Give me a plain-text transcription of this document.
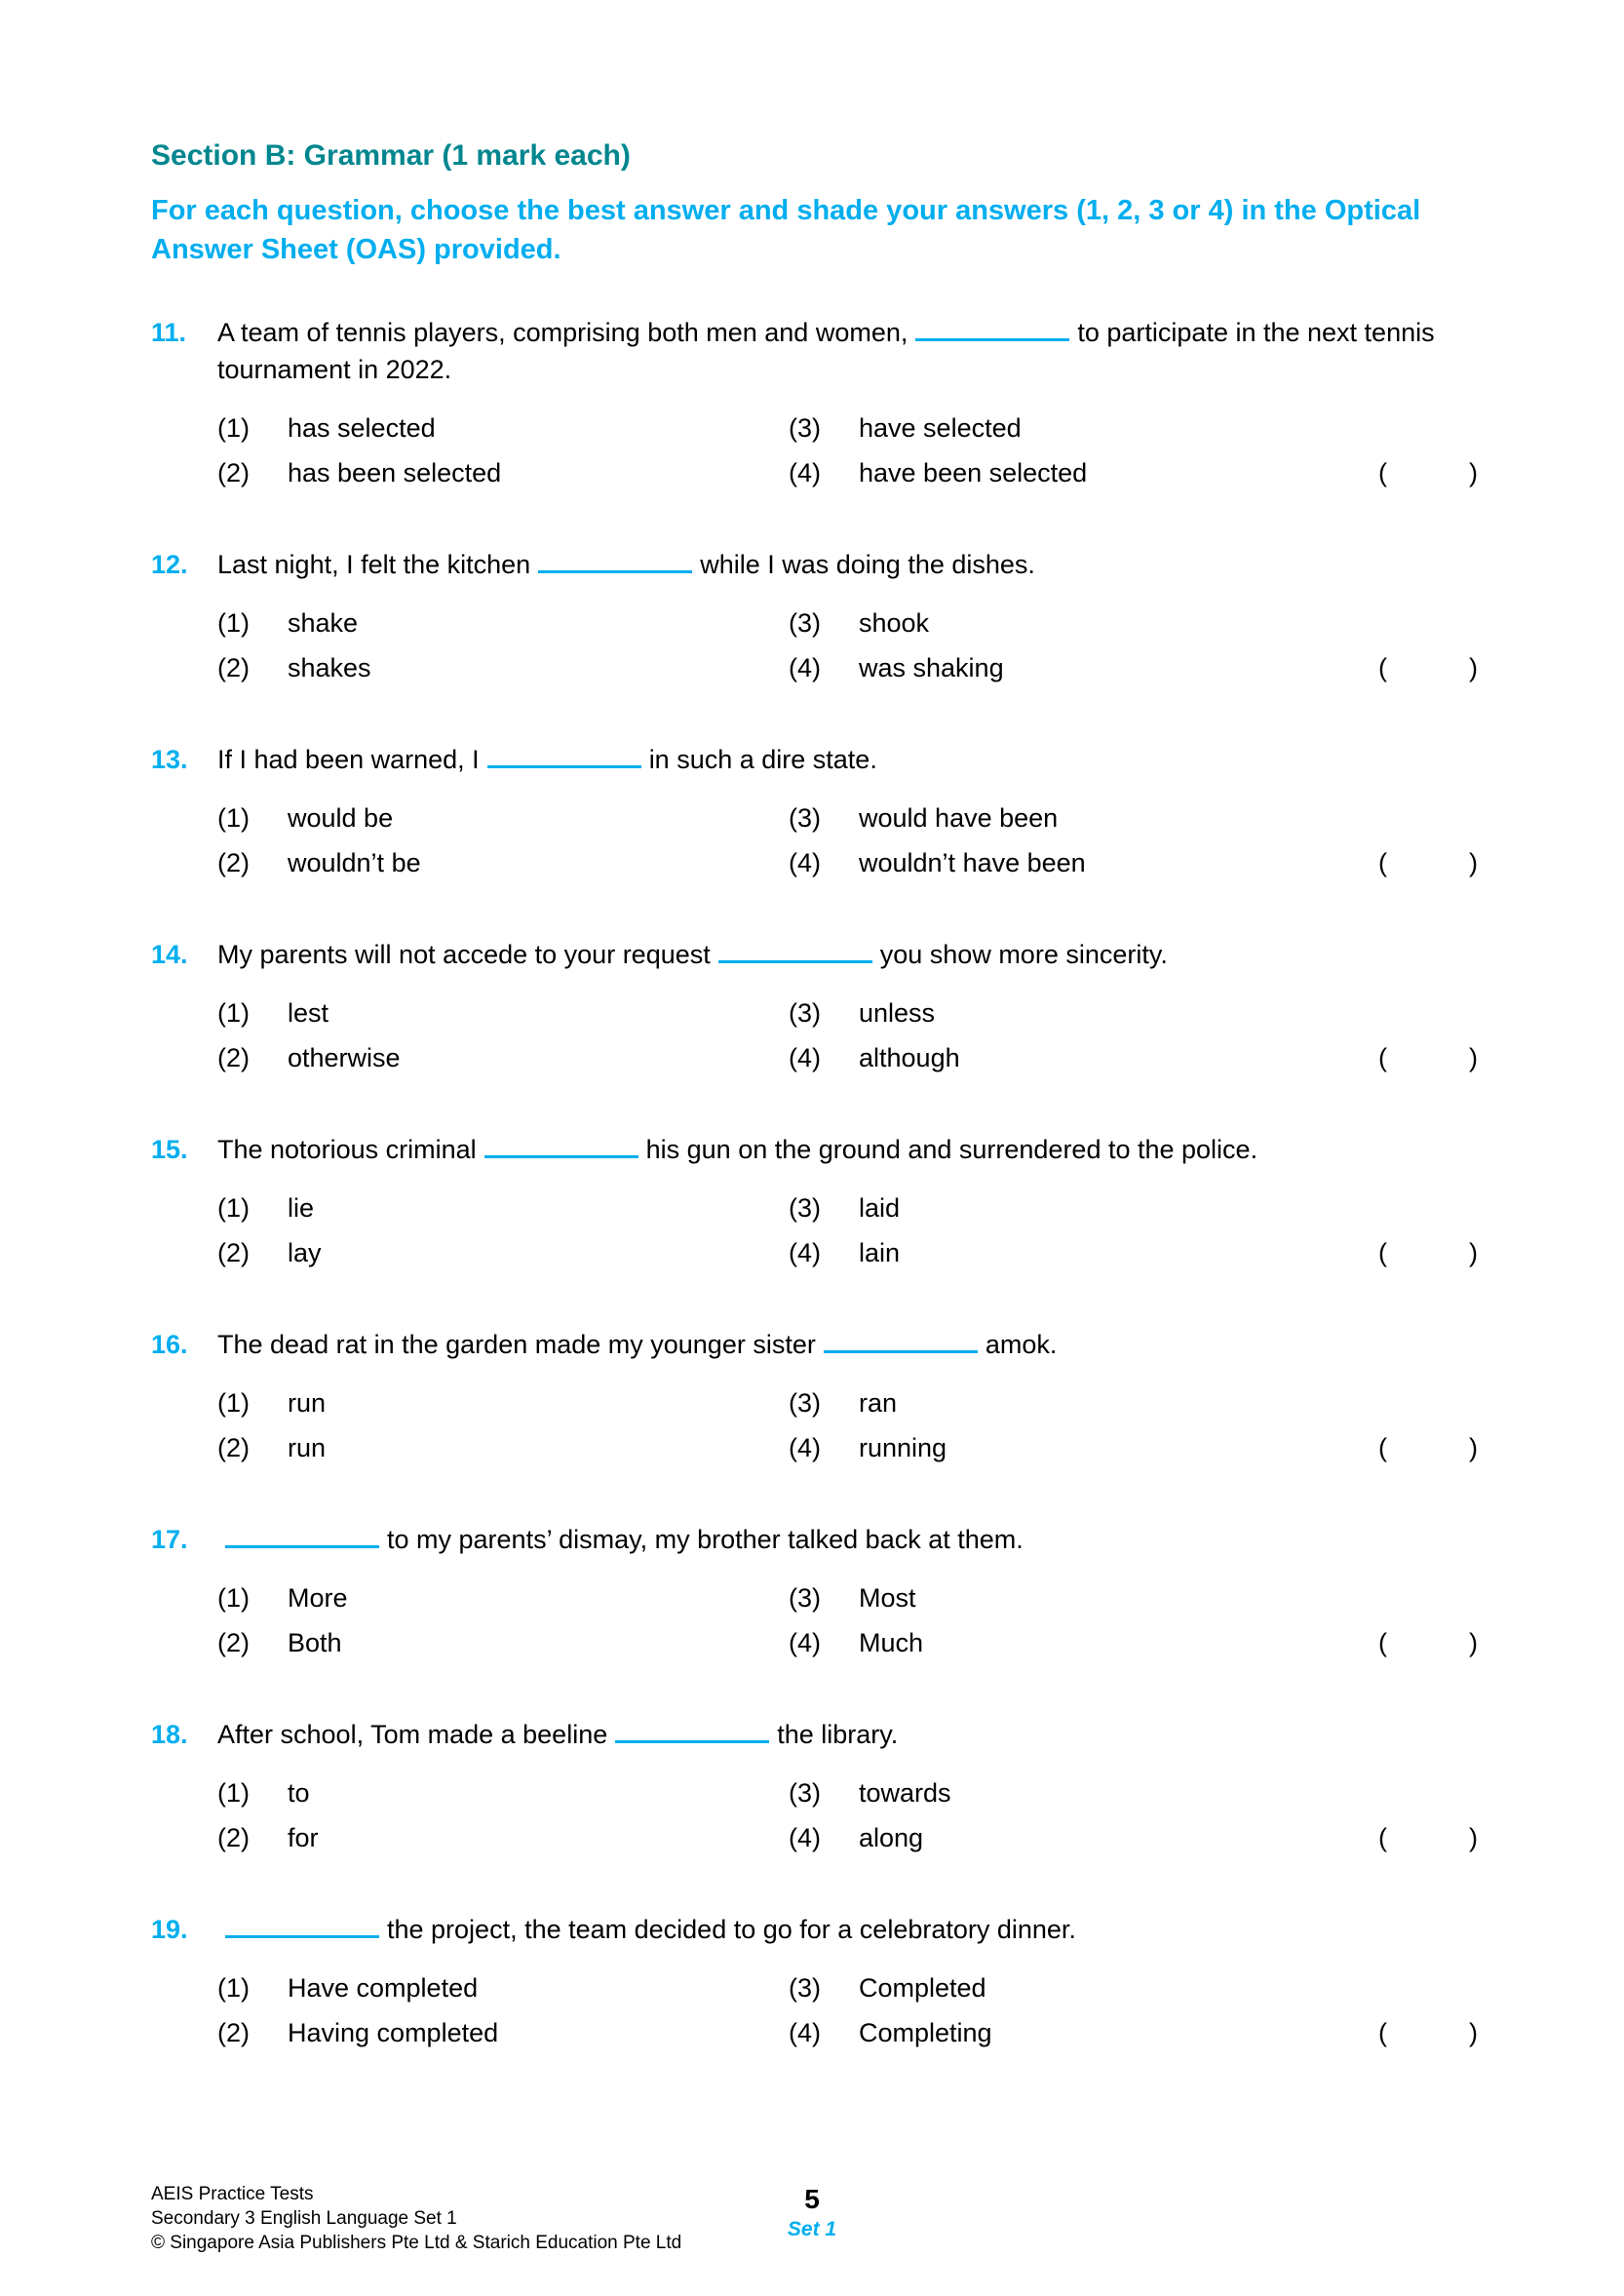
Section B: Grammar (1 mark each)
For each question, choose the best answer and shade your answers (1, 2, 3 or 4) in the Optical Answer Sheet (OAS) provided.
11.	A team of tennis players, comprising both men and women,	to participate in the next tennis tournament in 2022.
(1)	has selected	(3)	have selected
(2)	has been selected	(4)	have been selected	(	)
12.	Last night, I felt the kitchen	while I was doing the dishes.
(1)	shake	(3)	shook
(2)	shakes	(4)	was shaking	(	)
13.	If I had been warned, I	in such a dire state.
(1)	would be	(3)	would have been
(2)	wouldn’t be	(4)	wouldn’t have been	(	)
14.	My parents will not accede to your request	you show more sincerity.
(1)	lest	(3)	unless
(2)	otherwise	(4)	although	(	)
15.	The notorious criminal	his gun on the ground and surrendered to the police.
(1)	lie	(3)	laid
(2)	lay	(4)	lain	(	)
16.	The dead rat in the garden made my younger sister	amok.
(1)	run	(3)	ran
(2)	run	(4)	running	(	)
17.	to my parents’ dismay, my brother talked back at them.
(1)	More	(3)	Most
(2)	Both	(4)	Much	(	)
18.	After school, Tom made a beeline	the library.
(1)	to	(3)	towards
(2)	for	(4)	along	(	)
19.	the project, the team decided to go for a celebratory dinner.
(1)	Have completed	(3)	Completed
(2)	Having completed	(4)	Completing	(	)
AEIS Practice Tests
Secondary 3 English Language Set 1
© Singapore Asia Publishers Pte Ltd & Starich Education Pte Ltd
5
Set 1
